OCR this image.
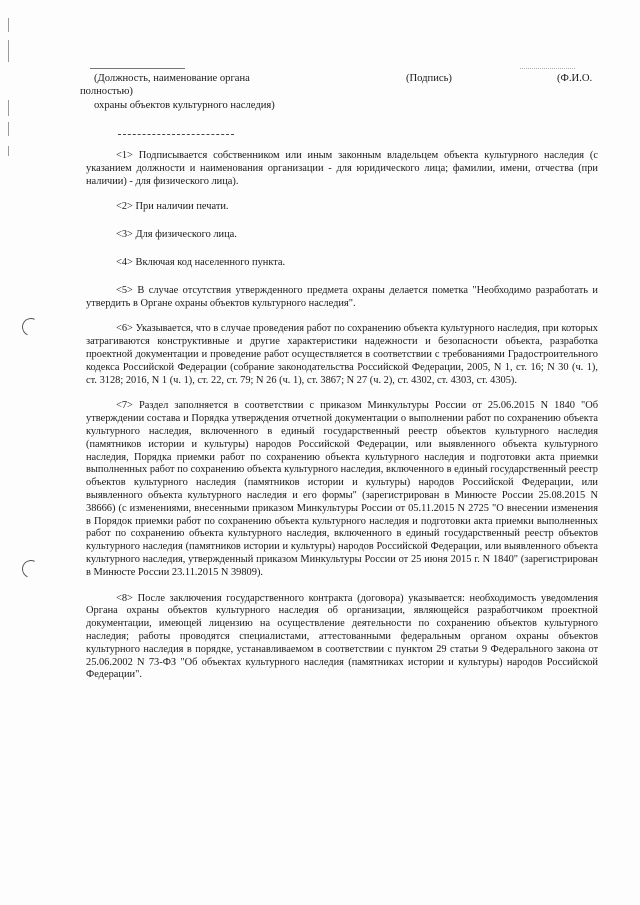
(Должность, наименование органа
полностью)
охраны объектов культурного наследия)
(Подпись)	(Ф.И.О.

<1> Подписывается собственником или иным законным владельцем объекта культурного наследия (с указанием должности и наименования организации - для юридического лица; фамилии, имени, отчества (при наличии) - для физического лица).

<2> При наличии печати.

<3> Для физического лица.

<4> Включая код населенного пункта.

<5> В случае отсутствия утвержденного предмета охраны делается пометка "Необходимо разработать и утвердить в Органе охраны объектов культурного наследия".

<6> Указывается, что в случае проведения работ по сохранению объекта культурного наследия, при которых затрагиваются конструктивные и другие характеристики надежности и безопасности объекта, разработка проектной документации и проведение работ осуществляется в соответствии с требованиями Градостроительного кодекса Российской Федерации (собрание законодательства Российской Федерации, 2005, N 1, ст. 16; N 30 (ч. 1), ст. 3128; 2016, N 1 (ч. 1), ст. 22, ст. 79; N 26 (ч. 1), ст. 3867; N 27 (ч. 2), ст. 4302, ст. 4303, ст. 4305).

<7> Раздел заполняется в соответствии с приказом Минкультуры России от 25.06.2015 N 1840 "Об утверждении состава и Порядка утверждения отчетной документации о выполнении работ по сохранению объекта культурного наследия, включенного в единый государственный реестр объектов культурного наследия (памятников истории и культуры) народов Российской Федерации, или выявленного объекта культурного наследия, Порядка приемки работ по сохранению объекта культурного наследия и подготовки акта приемки выполненных работ по сохранению объекта культурного наследия, включенного в единый государственный реестр объектов культурного наследия (памятников истории и культуры) народов Российской Федерации, или выявленного объекта культурного наследия и его формы" (зарегистрирован в Минюсте России 25.08.2015 N 38666) (с изменениями, внесенными приказом Минкультуры России от 05.11.2015 N 2725 "О внесении изменения в Порядок приемки работ по сохранению объекта культурного наследия и подготовки акта приемки выполненных работ по сохранению объекта культурного наследия, включенного в единый государственный реестр объектов культурного наследия (памятников истории и культуры) народов Российской Федерации, или выявленного объекта культурного наследия, утвержденный приказом Минкультуры России от 25 июня 2015 г. N 1840" (зарегистрирован в Минюсте России 23.11.2015 N 39809).

<8> После заключения государственного контракта (договора) указывается: необходимость уведомления Органа охраны объектов культурного наследия об организации, являющейся разработчиком проектной документации, имеющей лицензию на осуществление деятельности по сохранению объектов культурного наследия; работы проводятся специалистами, аттестованными федеральным органом охраны объектов культурного наследия в порядке, устанавливаемом в соответствии с пунктом 29 статьи 9 Федерального закона от 25.06.2002 N 73-ФЗ "Об объектах культурного наследия (памятниках истории и культуры) народов Российской Федерации".
